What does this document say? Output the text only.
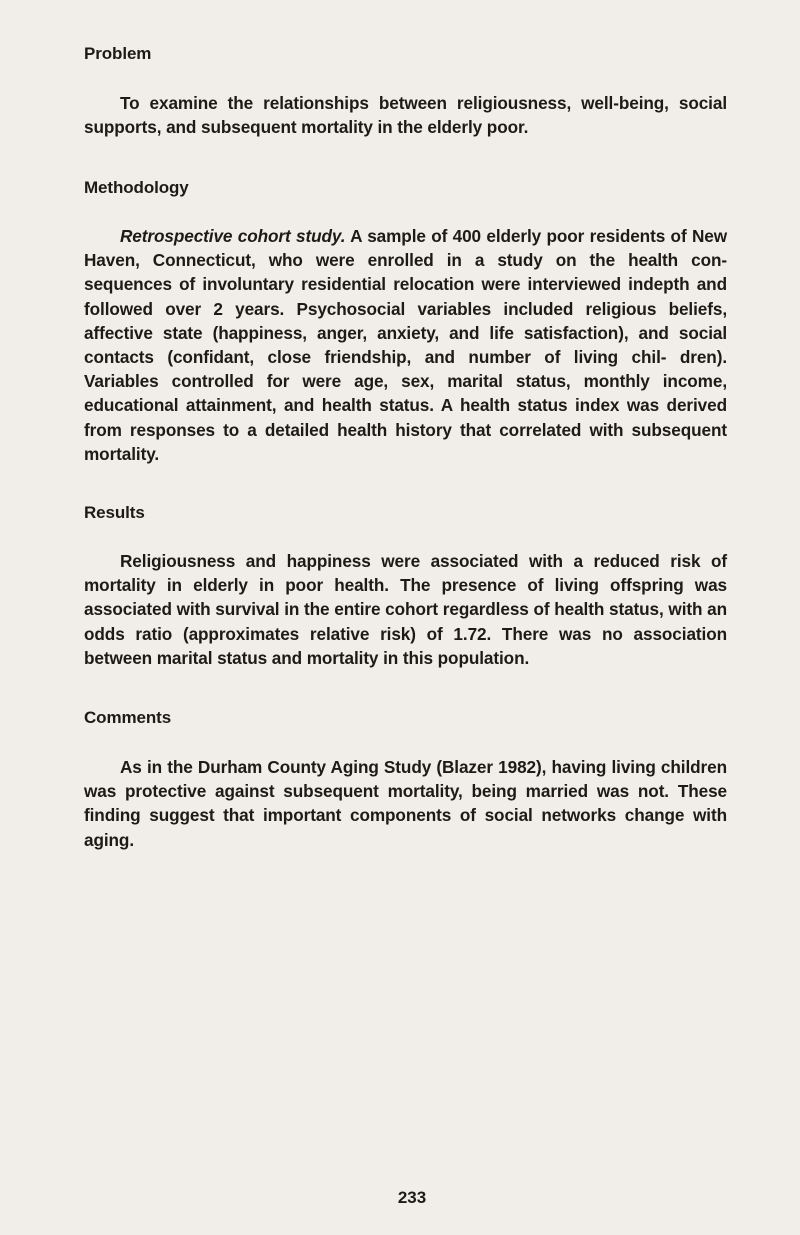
Problem

To examine the relationships between religiousness, well-being, social supports, and subsequent mortality in the elderly poor.

Methodology

Retrospective cohort study. A sample of 400 elderly poor residents of New Haven, Connecticut, who were enrolled in a study on the health con- sequences of involuntary residential relocation were interviewed indepth and followed over 2 years. Psychosocial variables included religious beliefs, affective state (happiness, anger, anxiety, and life satisfaction), and social contacts (confidant, close friendship, and number of living chil- dren). Variables controlled for were age, sex, marital status, monthly income, educational attainment, and health status. A health status index was derived from responses to a detailed health history that correlated with subsequent mortality.

Results

Religiousness and happiness were associated with a reduced risk of mortality in elderly in poor health. The presence of living offspring was associated with survival in the entire cohort regardless of health status, with an odds ratio (approximates relative risk) of 1.72. There was no association between marital status and mortality in this population.

Comments

As in the Durham County Aging Study (Blazer 1982), having living children was protective against subsequent mortality, being married was not. These finding suggest that important components of social networks change with aging.

233
